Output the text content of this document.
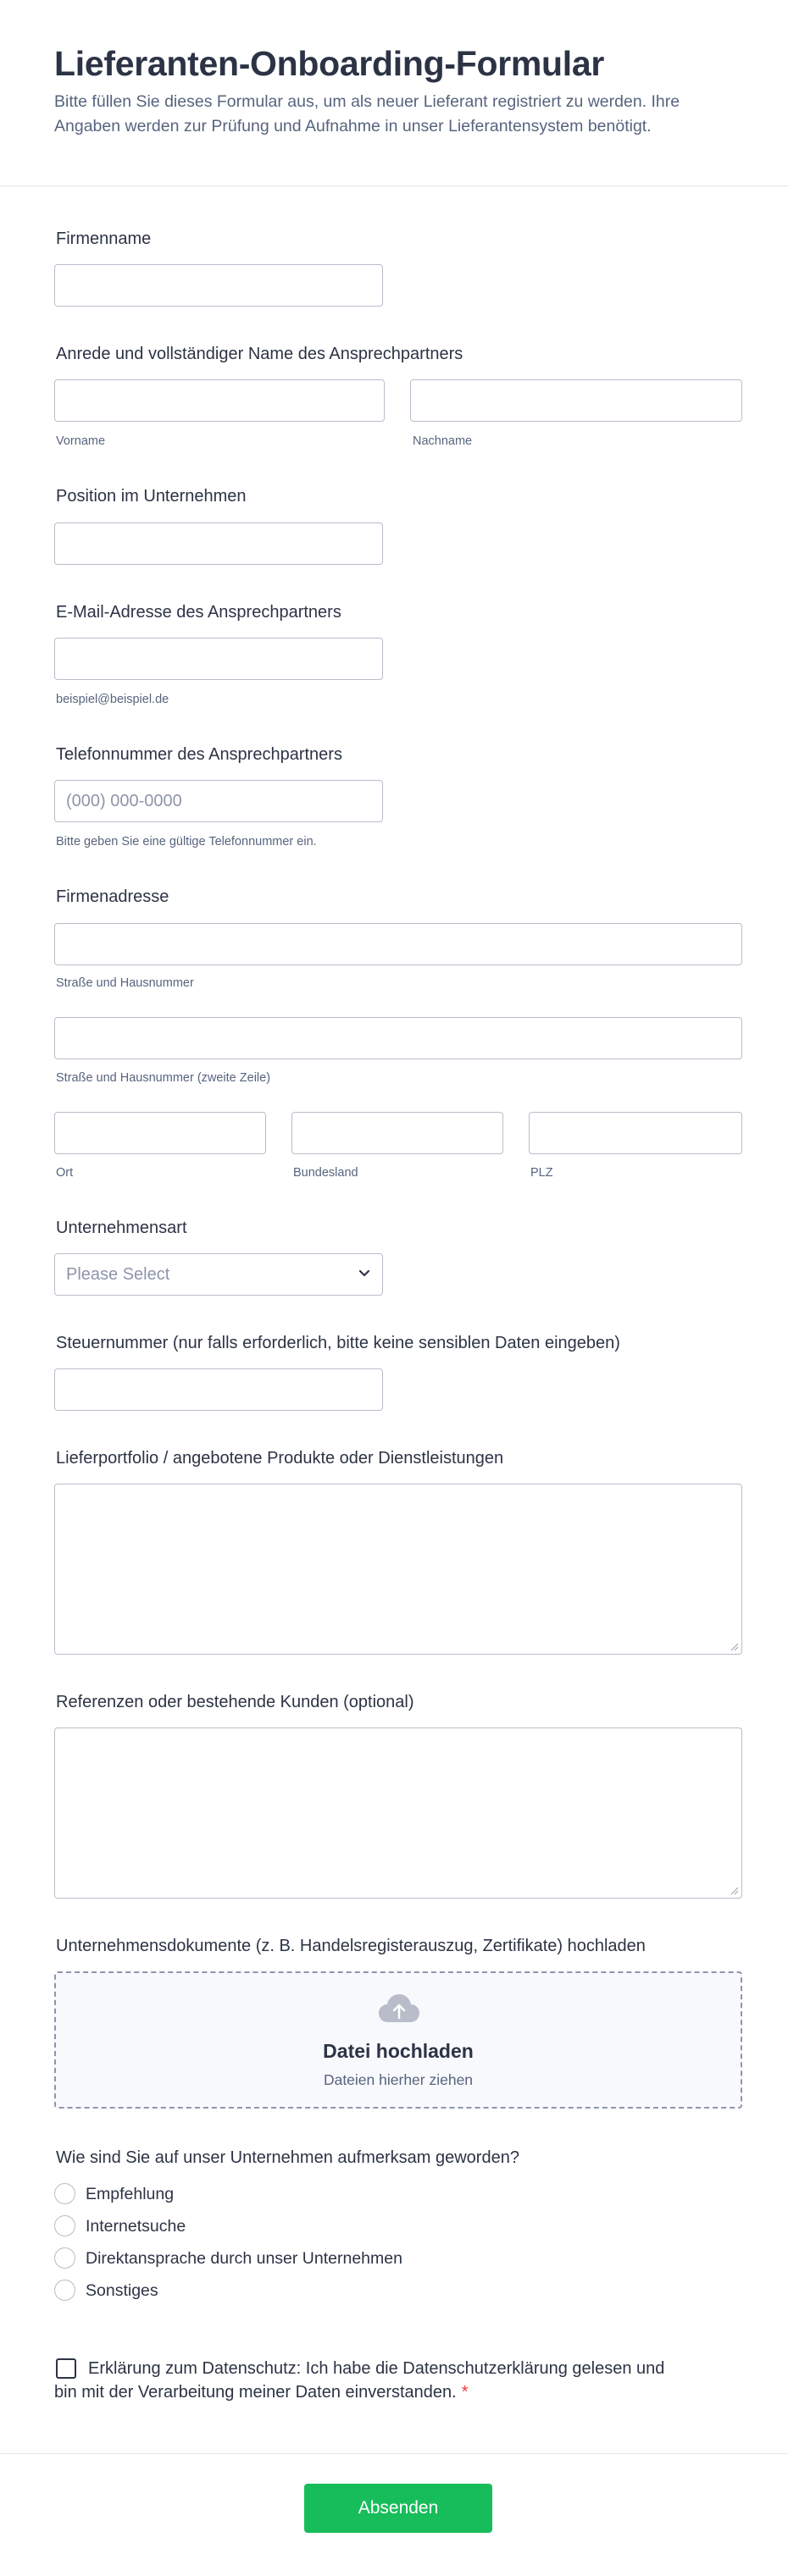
Lieferanten-Onboarding-Formular
Bitte füllen Sie dieses Formular aus, um als neuer Lieferant registriert zu werden. Ihre Angaben werden zur Prüfung und Aufnahme in unser Lieferantensystem benötigt.
Firmenname
Anrede und vollständiger Name des Ansprechpartners
Vorname	Nachname
Position im Unternehmen
E-Mail-Adresse des Ansprechpartners
beispiel@beispiel.de
Telefonnummer des Ansprechpartners
(000) 000-0000
Bitte geben Sie eine gültige Telefonnummer ein.
Firmenadresse
Straße und Hausnummer
Straße und Hausnummer (zweite Zeile)
Ort	Bundesland	PLZ
Unternehmensart
Please Select
Steuernummer (nur falls erforderlich, bitte keine sensiblen Daten eingeben)
Lieferportfolio / angebotene Produkte oder Dienstleistungen
Referenzen oder bestehende Kunden (optional)
Unternehmensdokumente (z. B. Handelsregisterauszug, Zertifikate) hochladen
Datei hochladen
Dateien hierher ziehen
Wie sind Sie auf unser Unternehmen aufmerksam geworden?
Empfehlung
Internetsuche
Direktansprache durch unser Unternehmen
Sonstiges
Erklärung zum Datenschutz: Ich habe die Datenschutzerklärung gelesen und bin mit der Verarbeitung meiner Daten einverstanden. *
Absenden
